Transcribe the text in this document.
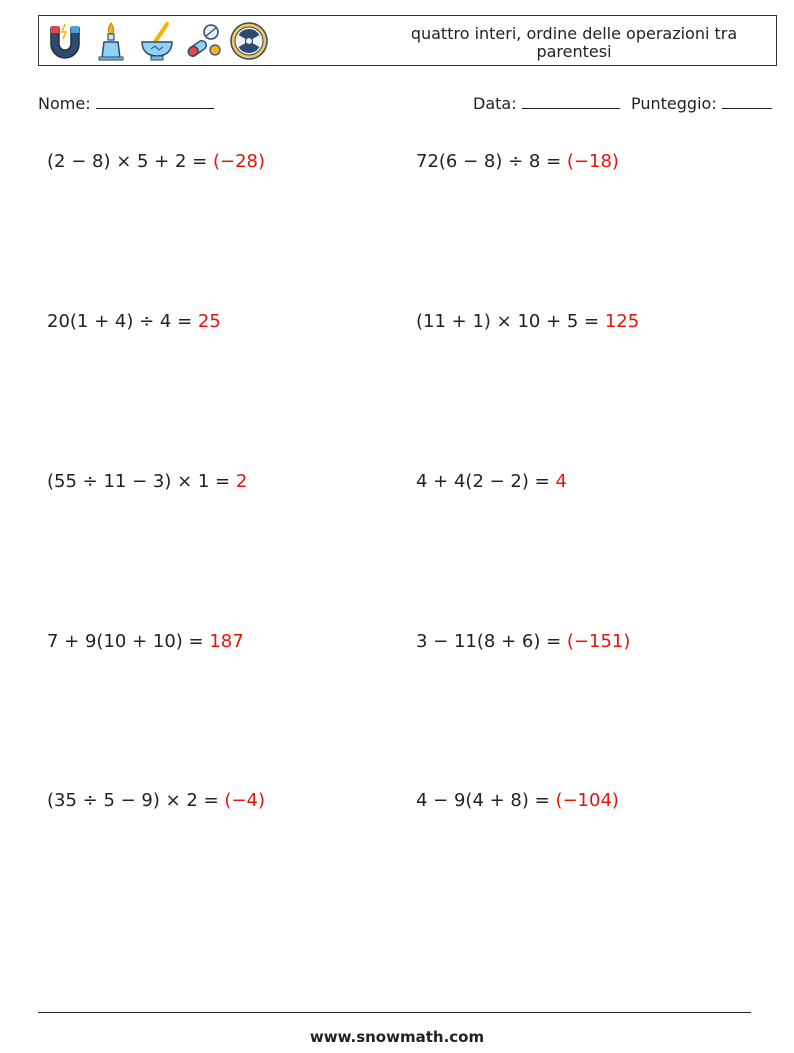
quattro interi, ordine delle operazioni tra parentesi
Nome:	Data:	Punteggio:
(2 − 8) × 5 + 2 = (−28)	72(6 − 8) ÷ 8 = (−18)
20(1 + 4) ÷ 4 = 25	(11 + 1) × 10 + 5 = 125
(55 ÷ 11 − 3) × 1 = 2	4 + 4(2 − 2) = 4
7 + 9(10 + 10) = 187	3 − 11(8 + 6) = (−151)
(35 ÷ 5 − 9) × 2 = (−4)	4 − 9(4 + 8) = (−104)
www.snowmath.com
